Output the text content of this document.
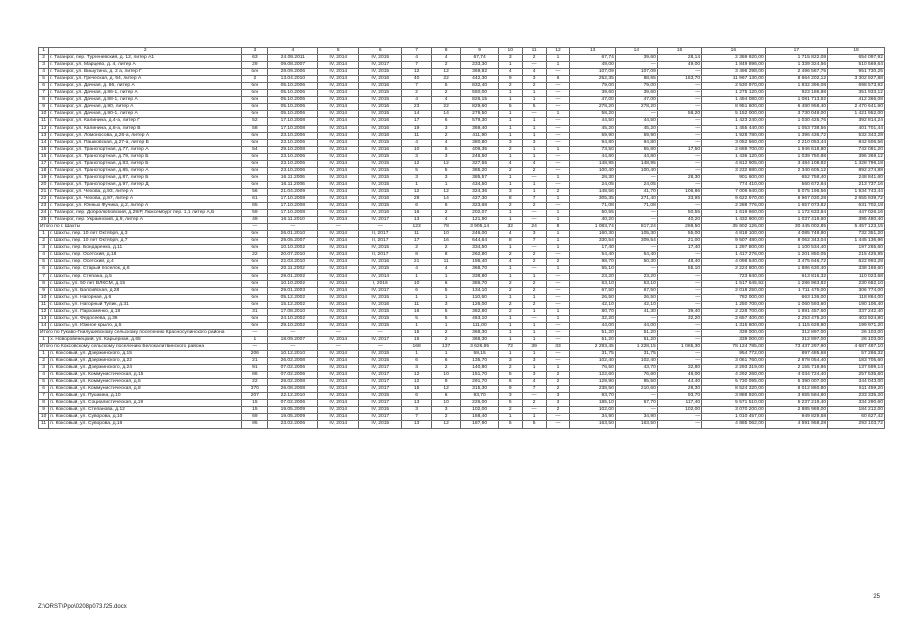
1	2	3	4	5	6	7	8	9	10	11	12	13	14	15	16	17	18
2	г. Таганрог, пер. Тургеневский, д. 12, литер А1	63	24.08.2011	IV, 2014	IV, 2015	4	4	67,74	3	2	1	67,74	39,60	28,14	2 369 920,00	1 715 822,08	654 097,92
3	г. Таганрог, ул. Марцево, д. 4, литер А	29	09.08.2007	IV, 2014	IV, 2017	7	2	233,30	1	—	1	49,00	—	49,00	1 849 896,00	1 339 324,56	510 569,64
4	г. Таганрог, ул. Вишутина, д. 2 а, литер Г	б/н	28.09.2006	IV, 2014	IV, 2015	12	12	369,82	4	4	—	107,09	107,09	—	3 496 298,00	2 496 567,75	951 730,25
5	г. Таганрог, ул. Греческая, д. 94, литер А	2	13.04.2010	IV, 2014	IV, 2016	40	22	442,30	9	3	6	252,35	88,65	163,70	11 967 130,00	8 664 202,12	3 302 927,88
6	г. Таганрог, ул. Дачная, д. 86, литер А	б/н	05.10.2006	IV, 2014	IV, 2016	7	5	832,40	2	2	—	79,00	79,00	—	2 530 970,00	1 832 396,08	698 573,92
7	г. Таганрог, ул. Дачная, д.86-1, литер А	б/н	05.10.2006	IV, 2014	IV, 2015	2	2	550,00	1	1	—	39,60	39,60	—	1 275 120,00	923 186,88	351 933,12
8	г. Таганрог, ул. Дачная, д.88-1, литер А	б/н	05.10.2006	IV, 2014	IV, 2015	4	4	826,15	1	1	—	47,00	47,00	—	1 494 080,00	1 081 713,92	412 366,08
9	г. Таганрог, ул. Дачная, д.90, литер А	б/н	05.10.2006	IV, 2014	IV, 2016	23	22	829,60	5	5	—	278,20	278,20	—	8 951 600,00	6 480 958,40	2 470 641,60
10	г. Таганрог, ул. Дачная, д.90-1, литер А	б/н	05.10.2006	IV, 2014	IV, 2015	14	14	279,50	1	—	1	58,20	—	58,20	5 152 000,00	3 730 048,00	1 421 952,00
11	г. Таганрог, ул. Калинина, д.4-а, литер Г	52	17.10.2008	IV, 2014	IV, 2016	17	6	579,30	1	1	—	44,50	44,50	—	1 423 240,00	1 030 425,76	392 814,24
12	г. Таганрог, ул. Калинина, д.6-а, литер В	58	17.10.2008	IV, 2014	IV, 2016	19	3	369,40	1	1	—	45,20	45,20	—	1 455 440,00	1 053 738,56	401 701,44
13	г. Таганрог, ул. Ломоносова, д.26-а, литер А	б/н	23.10.2006	IV, 2014	IV, 2016	11	2	411,90	1	1	—	59,90	59,90	—	1 928 780,00	1 396 436,72	532 343,28
14	г. Таганрог, ул. Пашковская, д.27-а, литер Б	б/н	23.10.2006	IV, 2014	IV, 2015	4	4	380,80	3	3	—	94,80	94,80	—	3 052 560,00	2 210 053,44	842 506,56
15	г. Таганрог, ул. Транспортная, д.77, литер А	54	29.10.2008	IV, 2014	IV, 2016	10	5	409,35	2	1	1	73,50	55,80	17,50	2 688 700,00	1 946 618,80	742 081,20
16	г. Таганрог, ул. Транспортная, д.79, литер Б	б/н	23.10.2006	IV, 2014	IV, 2015	3	3	246,50	1	1	—	44,80	44,80	—	1 436 120,00	1 039 750,88	396 369,12
17	г. Таганрог, ул. Транспортная, д.83, литер Б	б/н	23.10.2006	IV, 2014	IV, 2015	12	12	327,55	4	4	—	148,95	148,95	—	4 812 905,00	3 484 108,82	1 328 796,18
18	г. Таганрог, ул. Транспортная, д.85, литер А	б/н	23.10.2006	IV, 2014	IV, 2015	5	5	385,20	2	2	—	100,40	100,40	—	3 232 880,00	2 340 605,12	892 274,88
19	г. Таганрог, ул. Транспортная, д.87, литер Б	б/н	16.11.2006	IV, 2014	IV, 2015	3	3	385,57	1	—	1	28,30	—	28,30	901 600,00	652 758,40	248 841,60
20	г. Таганрог, ул. Транспортная, д.97, литер Д	б/н	16.11.2006	IV, 2014	IV, 2015	1	1	434,50	1	1	—	24,05	24,05	—	774 410,00	560 672,84	213 737,16
21	г. Таганрог, ул. Чехова, д.93, литер А	56	21.04.2009	IV, 2014	IV, 2015	12	12	324,36	3	1	2	148,56	41,70	106,86	7 009 940,00	5 075 196,56	1 934 743,44
22	г. Таганрог, ул. Чехова, д.97, литер А	61	17.10.2008	IV, 2014	IV, 2016	29	14	427,30	8	7	1	305,35	271,40	33,95	9 622 970,00	6 967 030,28	2 655 939,72
23	г. Таганрог, ул. Юнных Фучика, д.2, литер А	65	17.10.2008	IV, 2014	IV, 2015	6	6	323,68	2	2	—	71,08	71,08	—	2 288 776,00	1 657 073,82	631 702,18
24	г. Таганрог, пер. Добролюбовский, д.29/Р, Люксембург пер. 1,1 литер А,Б	59	17.10.2008	IV, 2014	IV, 2016	16	2	202,07	1	—	1	50,55	—	50,55	1 619 660,00	1 172 633,84	447 026,16
25	г. Таганрог, пер. Украинский, д.9, литер А	49	16.11.2010	IV, 2014	IV, 2017	13	4	121,90	1	—	1	40,20	—	40,20	1 432 900,00	1 037 419,60	395 480,40
Итого по г. Шахты		—	—	—	—	123	78	3 905,14	32	24	8	1 083,74	817,24	268,50	35 902 126,00	30 445 002,85	5 457 123,15
1	г. Шахты, пер. 10 лет Октября, д.3	б/н	26.01.2010	IV, 2014	II, 2017	11	10	246,00	4	3	1	160,30	105,30	55,00	4 818 100,00	4 085 748,80	732 351,20
2	г. Шахты, пер. 10 лет Октября, д.7	б/н	29.05.2007	IV, 2014	II, 2017	17	16	644,64	8	7	1	330,54	309,54	21,00	9 507 480,00	8 062 343,04	1 445 136,96
3	г. Шахты, пер. Бондаренко, д.11	б/н	10.10.2002	IV, 2014	IV, 2015	2	2	334,50	1	—	1	17,40	—	17,40	1 297 800,00	1 100 534,40	197 265,60
4	г. Шахты, пер. Осетский, д.18	22	20.07.2010	IV, 2014	II, 2017	8	8	262,80	2	2	—	54,40	54,40	—	1 417 276,00	1 201 850,05	215 425,95
5	г. Шахты, пер. Осетский, д.4	б/н	22.03.2010	IV, 2014	IV, 2016	21	11	196,40	4	2	2	98,70	50,30	48,40	4 098 640,00	3 475 646,72	622 993,28
6	г. Шахты, пер. Старый поселок, д.6	б/н	20.11.2002	IV, 2014	IV, 2015	4	4	368,70	1	—	1	55,10	—	55,10	2 224 800,00	1 886 630,40	338 169,60
7	г. Шахты, пер. Степана, д.5	б/н	29.01.2002	IV, 2014	IV, 2014	1	1	338,90	1	1	—	23,20	23,20	—	723 840,00	613 816,32	110 023,68
8	г. Шахты, ул. 50 лет ВЛКСМ, д.15	б/н	10.10.2002	IV, 2014	I, 2016	10	6	386,70	2	2	—	53,10	53,10	—	1 517 645,92	1 286 963,82	230 682,10
9	г. Шахты, ул. Балсийская, д.28	б/н	29.01.2003	IV, 2014	IV, 2017	6	5	134,10	2	2	—	67,50	67,50	—	2 018 250,00	1 711 476,00	306 774,00
10	г. Шахты, ул. Нагорная, д.6	б/н	05.12.2002	IV, 2014	IV, 2015	1	1	110,50	1	1	—	26,50	26,50	—	782 000,00	663 136,00	118 864,00
11	г. Шахты, ул. Нагорный Тупик, д.31	б/н	15.12.2002	IV, 2014	IV, 2016	11	3	126,00	2	2	—	42,10	42,10	—	1 250 700,00	1 060 593,60	190 106,40
12	г. Шахты, ул. Пархоменко, д.18	31	17.08.2010	IV, 2014	IV, 2015	16	5	382,80	2	1	1	80,70	41,30	39,40	2 228 700,00	1 891 457,60	337 242,40
13	г. Шахты, ул. Федосеева, д.36	б/н	24.10.2002	IV, 2014	IV, 2015	5	5	463,10	1	—	1	32,20	—	32,20	2 657 400,00	2 253 475,20	403 924,80
14	г. Шахты, ул. Южное крыло, д.5	б/н	29.10.2002	IV, 2014	IV, 2015	1	1	111,00	1	1	—	44,00	44,00	—	1 315 600,00	1 115 628,80	199 971,20
Итого по Гукаво-Гнилушевскому сельскому поселению Красносулинского района		—	—	—	—	15	2	368,30	1	1	—	51,20	51,20	—	339 000,00	312 897,00	26 103,00
1	х. Новоровенецкий, ул. Карьерная, д.65	1	18.09.2007	IV, 2014	IV, 2017	15	2	368,30	1	1	—	51,20	51,20	—	339 000,00	312 897,00	26 103,00
Итого по Коксовскому сельскому поселению Белокалитвинского района		—	—	—	—	168	137	3 626,95	72	39	33	2 293,45	1 228,15	1 065,30	78 124 785,00	73 437 297,90	4 687 487,10
1	п. Коксовый, ул. Дзержинского, д.15	206	10.12.2010	IV, 2014	IV, 2015	1	1	58,15	1	1	—	31,75	31,75	—	954 772,00	897 485,68	57 286,32
2	п. Коксовый, ул. Дзержинского, д.22	21	26.02.2008	IV, 2014	IV, 2015	6	6	135,70	3	3	—	102,40	102,40	—	3 061 760,00	2 878 054,40	183 705,60
3	п. Коксовый, ул. Дзержинского, д.24	91	07.02.2006	IV, 2014	IV, 2017	3	2	140,80	2	1	1	76,50	43,70	32,80	2 293 319,00	2 155 719,86	137 599,14
4	п. Коксовый, ул. Коммунистическая, д.15	86	07.02.2006	IV, 2014	IV, 2017	12	10	151,70	5	3	2	122,60	76,60	46,00	4 292 260,00	4 034 724,40	257 535,60
5	п. Коксовый, ул. Коммунистическая, д.6	22	28.02.2008	IV, 2014	IV, 2017	12	9	291,70	6	4	2	129,90	85,50	44,40	5 730 095,00	5 390 007,00	344 043,00
6	п. Коксовый, ул. Коммунистическая, д.8	370	26.08.2008	IV, 2014	IV, 2017	15	12	315,30	9	7	2	238,50	210,60	28,30	8 524 320,00	8 012 860,80	511 459,20
7	п. Коксовый, ул. Пушкина, д.10	207	22.12.2010	IV, 2014	IV, 2015	6	6	93,70	3	—	3	93,70	—	93,70	3 888 920,00	3 655 584,80	233 335,20
8	п. Коксовый, ул. Социалистическая, д.19	15	07.02.2006	IV, 2014	IV, 2017	13	10	226,00	5	2	3	185,10	67,70	117,40	5 571 510,00	5 237 219,40	334 290,60
9	п. Коксовый, ул. Степанова, д.12	15	19.05.2009	IV, 2014	IV, 2015	3	3	102,00	2	—	2	102,00	—	102,00	3 070 200,00	2 885 988,00	184 212,00
10	п. Коксовый, ул. Суворова, д.10	69	19.05.2009	IV, 2014	IV, 2017	7	2	168,40	1	1	—	34,90	34,90	—	1 010 457,00	949 829,58	60 627,42
11	п. Коксовый, ул. Суворова, д.16	95	23.02.2006	IV, 2014	IV, 2015	13	12	187,90	5	5	—	163,50	163,50	—	4 885 062,00	4 591 958,28	293 103,72
Z:\ORST\Ppo\0208p073.f25.docx
25
